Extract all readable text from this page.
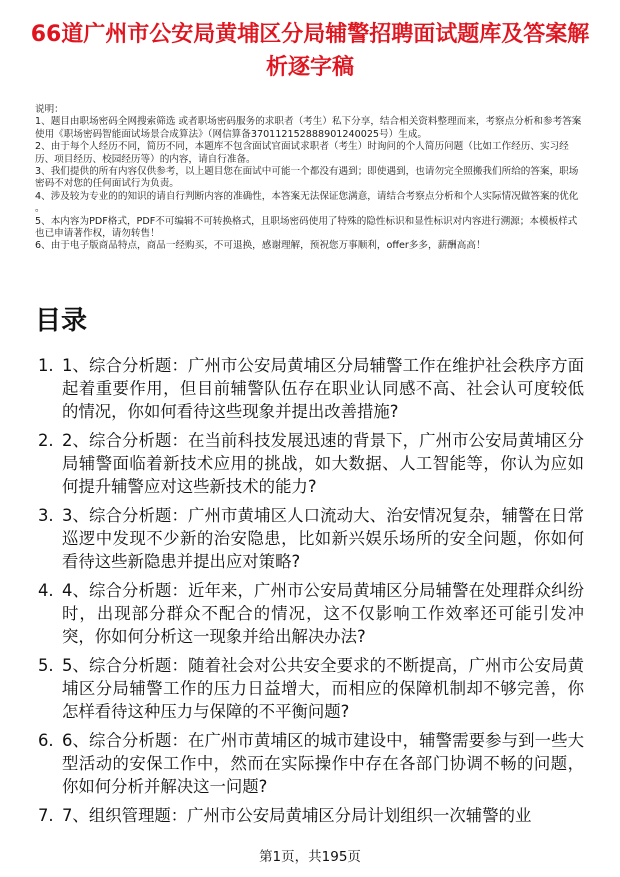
66道广州市公安局黄埔区分局辅警招聘面试题库及答案解析逐字稿

说明：

1、题目由职场密码全网搜索筛选 或者职场密码服务的求职者（考生）私下分享，结合相关资料整理而来，考察点分析和参考答案使用《职场密码智能面试场景合成算法》（网信算备370112152888901240025号）生成。

2、由于每个人经历不同，简历不同，本题库不包含面试官面试求职者（考生）时询问的个人简历问题（比如工作经历、实习经历、项目经历、校园经历等）的内容，请自行准备。

3、我们提供的所有内容仅供参考，以上题目您在面试中可能一个都没有遇到；即使遇到，也请勿完全照搬我们所给的答案，职场密码不对您的任何面试行为负责。

4、涉及较为专业的的知识的请自行判断内容的准确性，本答案无法保证您满意，请结合考察点分析和个人实际情况做答案的优化 。

5、本内容为PDF格式，PDF不可编辑不可转换格式，且职场密码使用了特殊的隐性标识和显性标识对内容进行溯源；本模板样式也已申请著作权，请勿转售！

6、由于电子版商品特点，商品一经购买，不可退换，感谢理解，预祝您万事顺利，offer多多，薪酬高高！

目录
1. 1、综合分析题：广州市公安局黄埔区分局辅警工作在维护社会秩序方面起着重要作用，但目前辅警队伍存在职业认同感不高、社会认可度较低的情况，你如何看待这些现象并提出改善措施?
2. 2、综合分析题：在当前科技发展迅速的背景下，广州市公安局黄埔区分局辅警面临着新技术应用的挑战，如大数据、人工智能等，你认为应如何提升辅警应对这些新技术的能力?
3. 3、综合分析题：广州市黄埔区人口流动大、治安情况复杂，辅警在日常巡逻中发现不少新的治安隐患，比如新兴娱乐场所的安全问题，你如何看待这些新隐患并提出应对策略?
4. 4、综合分析题：近年来，广州市公安局黄埔区分局辅警在处理群众纠纷时，出现部分群众不配合的情况，这不仅影响工作效率还可能引发冲突，你如何分析这一现象并给出解决办法?
5. 5、综合分析题：随着社会对公共安全要求的不断提高，广州市公安局黄埔区分局辅警工作的压力日益增大，而相应的保障机制却不够完善，你怎样看待这种压力与保障的不平衡问题?
6. 6、综合分析题：在广州市黄埔区的城市建设中，辅警需要参与到一些大型活动的安保工作中，然而在实际操作中存在各部门协调不畅的问题，你如何分析并解决这一问题?
7. 7、组织管理题：广州市公安局黄埔区分局计划组织一次辅警的业
第1页，共195页
